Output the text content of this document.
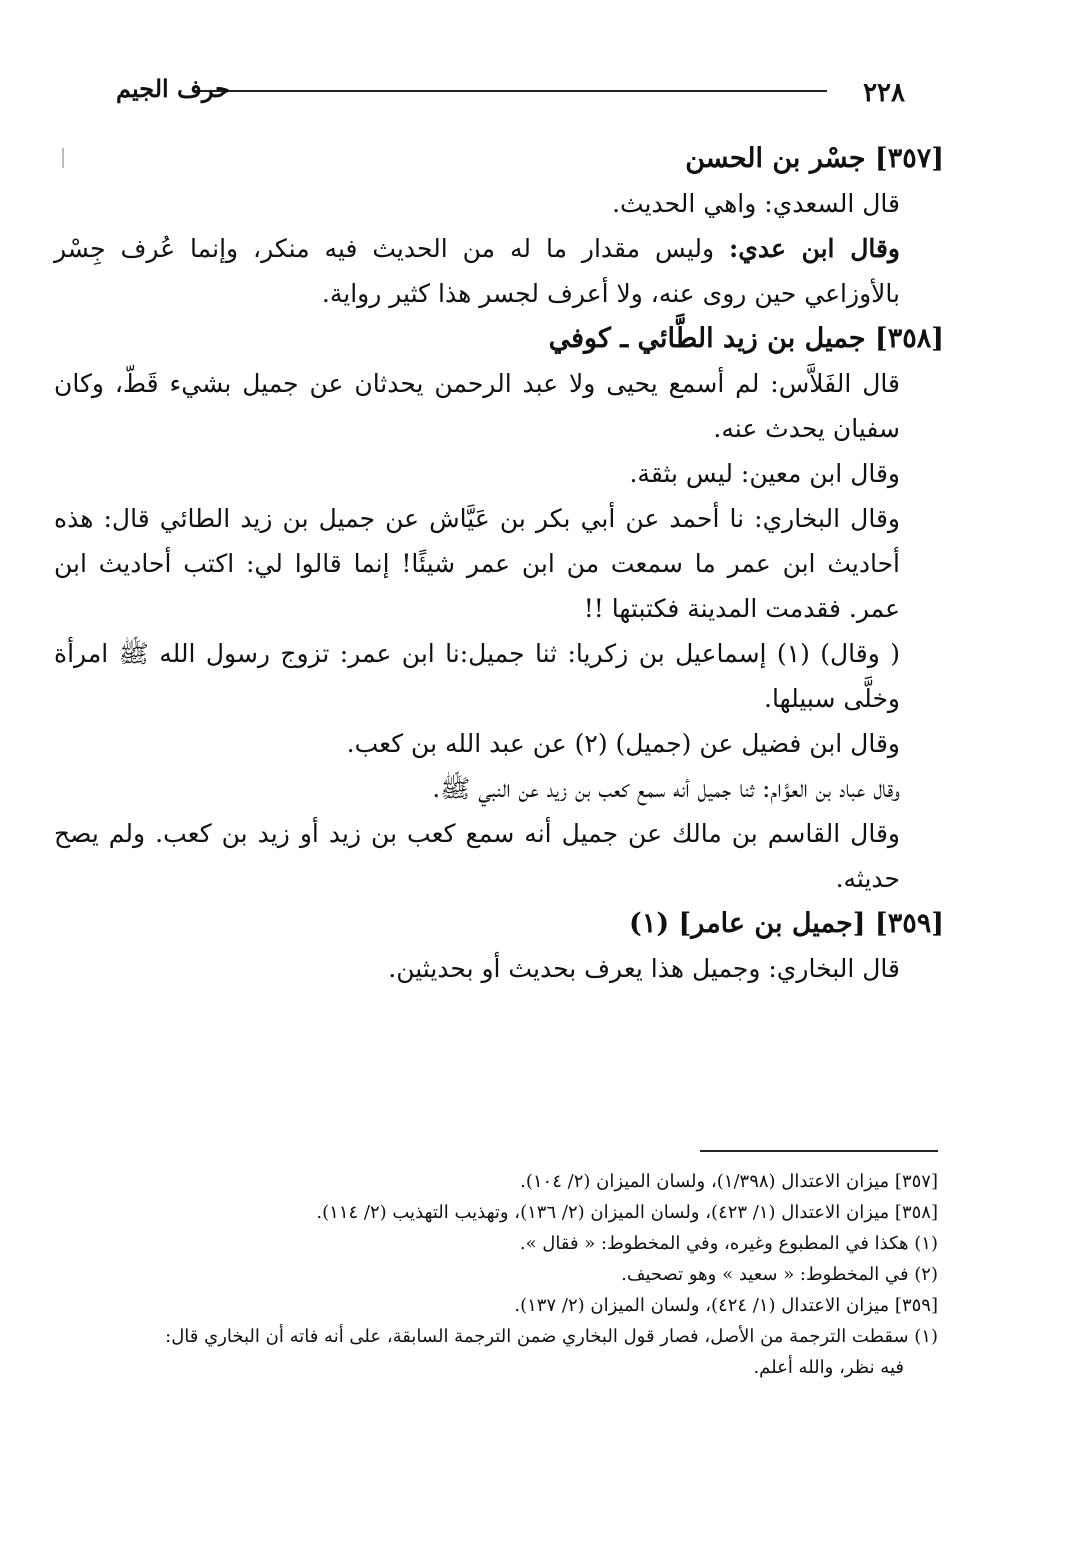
٢٢٨
حرف الجيم
[٣٥٧] جسْر بن الحسن
قال السعدي: واهي الحديث.
وقال ابن عدي: وليس مقدار ما له من الحديث فيه منكر، وإنما عُرف جِسْر بالأوزاعي حين روى عنه، ولا أعرف لجسر هذا كثير رواية.
[٣٥٨] جميل بن زيد الطَّائي ـ كوفي
قال الفَلاَّس: لم أسمع يحيى ولا عبد الرحمن يحدثان عن جميل بشيء قَطّ، وكان سفيان يحدث عنه.
وقال ابن معين: ليس بثقة.
وقال البخاري: نا أحمد عن أبي بكر بن عَيَّاش عن جميل بن زيد الطائي قال: هذه أحاديث ابن عمر ما سمعت من ابن عمر شيئًا! إنما قالوا لي: اكتب أحاديث ابن عمر. فقدمت المدينة فكتبتها !!
( وقال) (١) إسماعيل بن زكريا: ثنا جميل:نا ابن عمر: تزوج رسول الله ﷺ امرأة وخلَّى سبيلها.
وقال ابن فضيل عن (جميل) (٢) عن عبد الله بن كعب.
وقال عباد بن العوَّام: ثنا جميل أنه سمع كعب بن زيد عن النبي ﷺ.
وقال القاسم بن مالك عن جميل أنه سمع كعب بن زيد أو زيد بن كعب. ولم يصح حديثه.
[٣٥٩] [جميل بن عامر] (١)
قال البخاري: وجميل هذا يعرف بحديث أو بحديثين.
[٣٥٧] ميزان الاعتدال (١/٣٩٨)، ولسان الميزان (٢/ ١٠٤).
[٣٥٨] ميزان الاعتدال (١/ ٤٢٣)، ولسان الميزان (٢/ ١٣٦)، وتهذيب التهذيب (٢/ ١١٤).
(١) هكذا في المطبوع وغيره، وفي المخطوط: « فقال ».
(٢) في المخطوط: « سعيد » وهو تصحيف.
[٣٥٩] ميزان الاعتدال (١/ ٤٢٤)، ولسان الميزان (٢/ ١٣٧).
(١) سقطت الترجمة من الأصل، فصار قول البخاري ضمن الترجمة السابقة، على أنه فاته أن البخاري قال:
فيه نظر، والله أعلم.
